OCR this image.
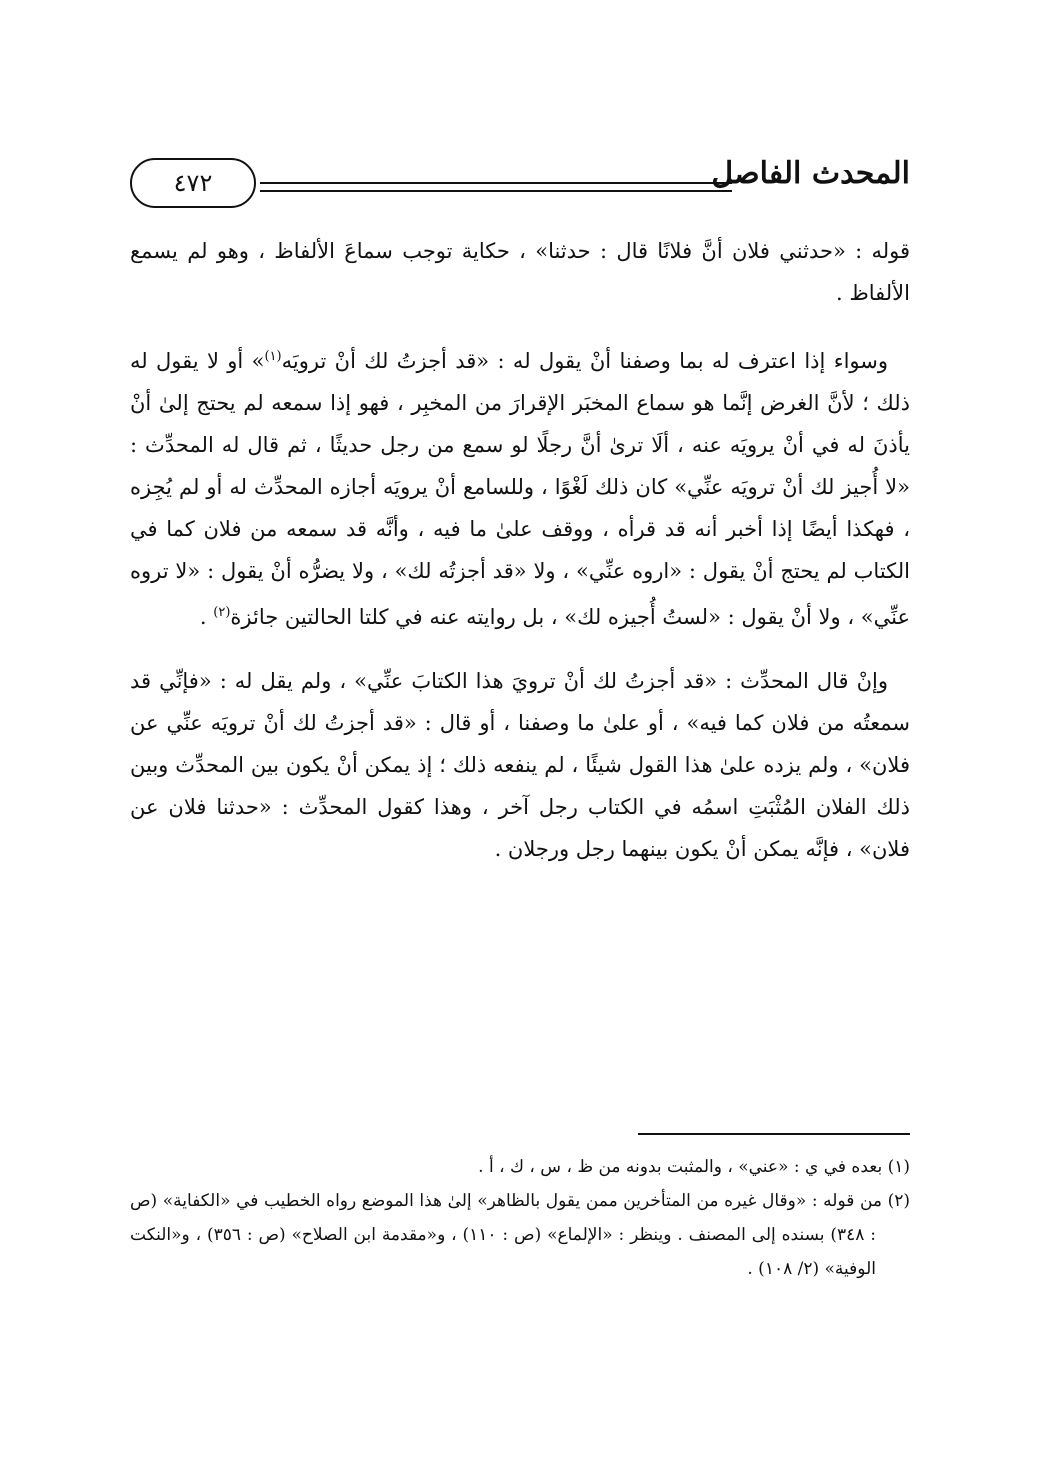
٤٧٢	المحدث الفاصل

قوله : «حدثني فلان أنَّ فلانًا قال : حدثنا» ، حكاية توجب سماعَ الألفاظ ، وهو لم يسمع الألفاظ .

وسواء إذا اعترف له بما وصفنا أنْ يقول له : «قد أجزتُ لك أنْ ترويَه$^{(١)}$» أو لا يقول له ذلك ؛ لأنَّ الغرض إنَّما هو سماع المخبَر الإقرارَ من المخبِر ، فهو إذا سمعه لم يحتج إلىٰ أنْ يأذنَ له في أنْ يرويَه عنه ، ألَا ترىٰ أنَّ رجلًا لو سمع من رجل حديثًا ، ثم قال له المحدِّث : «لا أُجيز لك أنْ ترويَه عنِّي» كان ذلك لَغْوًا ، وللسامع أنْ يرويَه أجازه المحدِّث له أو لم يُجِزه ، فهكذا أيضًا إذا أخبر أنه قد قرأه ، ووقف علىٰ ما فيه ، وأنَّه قد سمعه من فلان كما في الكتاب لم يحتج أنْ يقول : «اروه عنِّي» ، ولا «قد أجزتُه لك» ، ولا يضرُّه أنْ يقول : «لا تروه عنِّي» ، ولا أنْ يقول : «لستُ أُجيزه لك» ، بل روايته عنه في كلتا الحالتين جائزة$^{(٢)}$ .

وإنْ قال المحدِّث : «قد أجزتُ لك أنْ ترويَ هذا الكتابَ عنِّي» ، ولم يقل له : «فإنِّي قد سمعتُه من فلان كما فيه» ، أو علىٰ ما وصفنا ، أو قال : «قد أجزتُ لك أنْ ترويَه عنِّي عن فلان» ، ولم يزده علىٰ هذا القول شيئًا ، لم ينفعه ذلك ؛ إذ يمكن أنْ يكون بين المحدِّث وبين ذلك الفلان المُثْبَتِ اسمُه في الكتاب رجل آخر ، وهذا كقول المحدِّث : «حدثنا فلان عن فلان» ، فإنَّه يمكن أنْ يكون بينهما رجل ورجلان .

(١) بعده في ي : «عني» ، والمثبت بدونه من ظ ، س ، ك ، أ .

(٢) من قوله : «وقال غيره من المتأخرين ممن يقول بالظاهر» إلىٰ هذا الموضع رواه الخطيب في «الكفاية» (ص : ٣٤٨) بسنده إلى المصنف . وينظر : «الإلماع» (ص : ١١٠) ، و«مقدمة ابن الصلاح» (ص : ٣٥٦) ، و«النكت الوفية» (٢/ ١٠٨) .
